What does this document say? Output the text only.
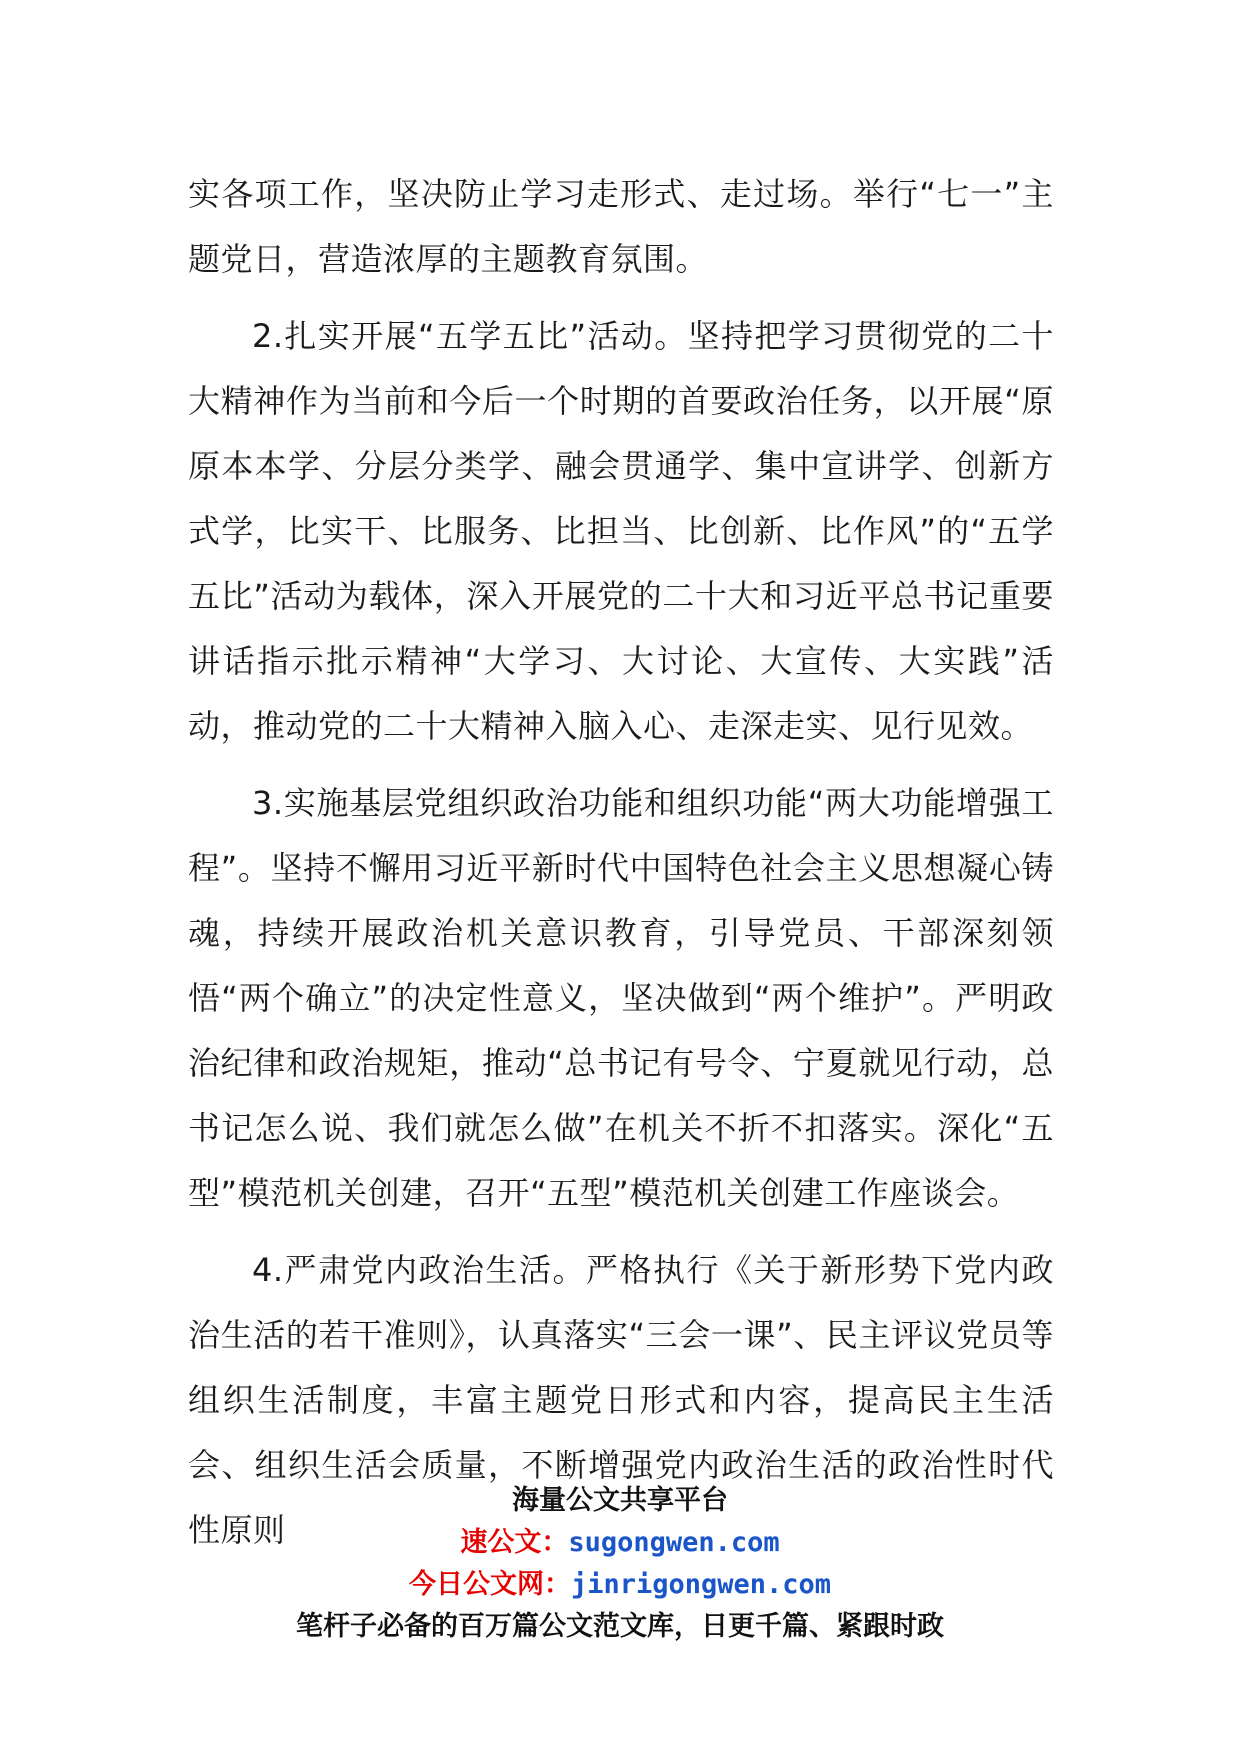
实各项工作，坚决防止学习走形式、走过场。举行“七一”主题党日，营造浓厚的主题教育氛围。

2.扎实开展“五学五比”活动。坚持把学习贯彻党的二十大精神作为当前和今后一个时期的首要政治任务，以开展“原原本本学、分层分类学、融会贯通学、集中宣讲学、创新方式学，比实干、比服务、比担当、比创新、比作风”的“五学五比”活动为载体，深入开展党的二十大和习近平总书记重要讲话指示批示精神“大学习、大讨论、大宣传、大实践”活动，推动党的二十大精神入脑入心、走深走实、见行见效。

3.实施基层党组织政治功能和组织功能“两大功能增强工程”。坚持不懈用习近平新时代中国特色社会主义思想凝心铸魂，持续开展政治机关意识教育，引导党员、干部深刻领悟“两个确立”的决定性意义，坚决做到“两个维护”。严明政治纪律和政治规矩，推动“总书记有号令、宁夏就见行动，总书记怎么说、我们就怎么做”在机关不折不扣落实。深化“五型”模范机关创建，召开“五型”模范机关创建工作座谈会。

4.严肃党内政治生活。严格执行《关于新形势下党内政治生活的若干准则》，认真落实“三会一课”、民主评议党员等组织生活制度，丰富主题党日形式和内容，提高民主生活会、组织生活会质量，不断增强党内政治生活的政治性时代性原则

海量公文共享平台
速公文：sugongwen.com
今日公文网：jinrigongwen.com
笔杆子必备的百万篇公文范文库，日更千篇、紧跟时政
